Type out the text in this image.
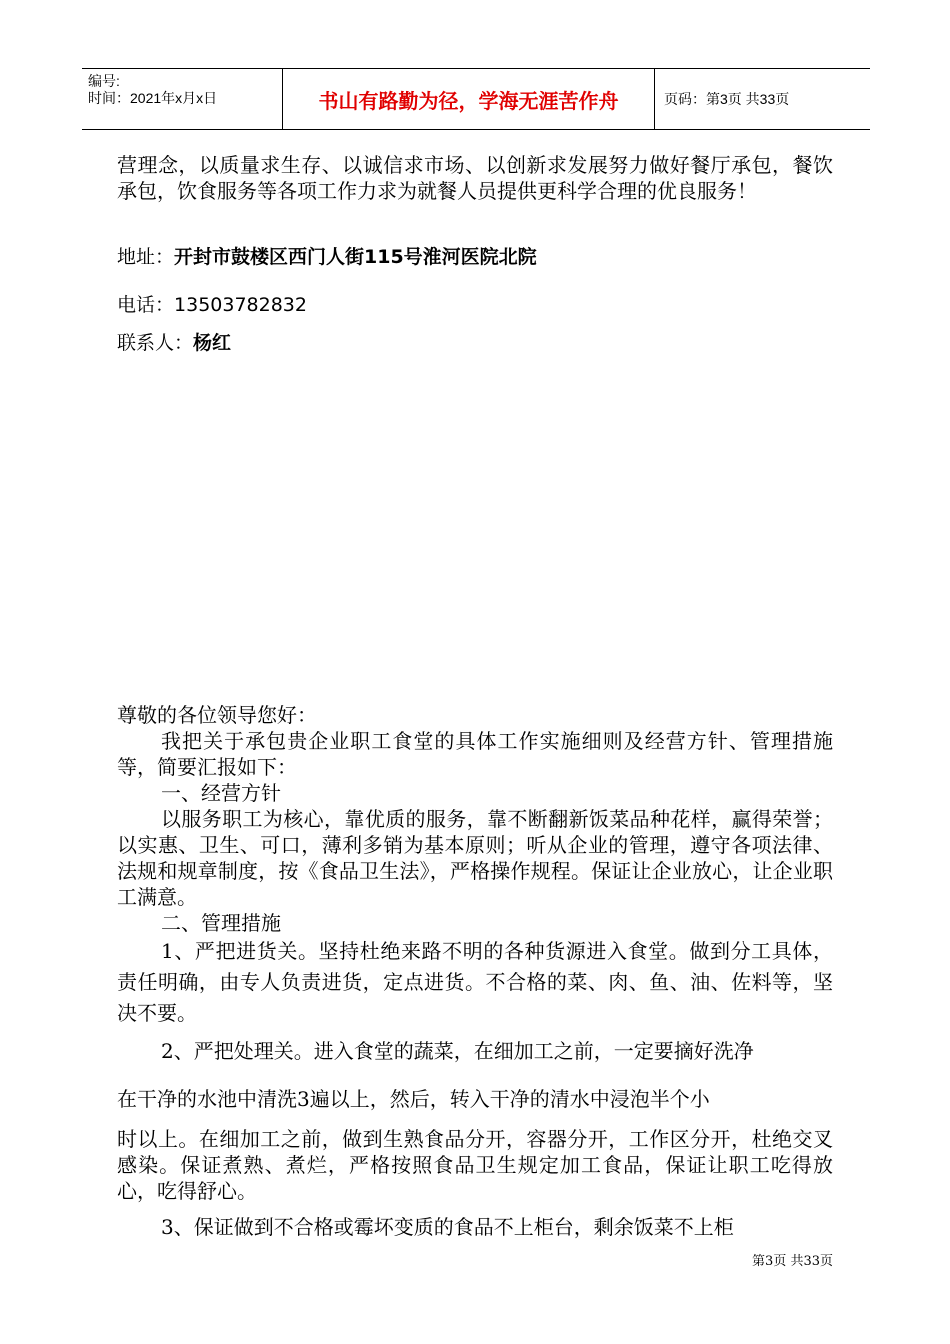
编号:
时间：2021年x月x日	书山有路勤为径，学海无涯苦作舟	页码：第3页 共33页
营理念，以质量求生存、以诚信求市场、以创新求发展努力做好餐厅承包，餐饮承包，饮食服务等各项工作力求为就餐人员提供更科学合理的优良服务！
地址：开封市鼓楼区西门人街115号淮河医院北院
电话：13503782832
联系人：杨红

尊敬的各位领导您好：

我把关于承包贵企业职工食堂的具体工作实施细则及经营方针、管理措施等，简要汇报如下：

一、经营方针

以服务职工为核心，靠优质的服务，靠不断翻新饭菜品种花样，赢得荣誉；以实惠、卫生、可口，薄利多销为基本原则；听从企业的管理，遵守各项法律、法规和规章制度，按《食品卫生法》，严格操作规程。保证让企业放心，让企业职工满意。

二、管理措施

1、严把进货关。坚持杜绝来路不明的各种货源进入食堂。做到分工具体，责任明确，由专人负责进货，定点进货。不合格的菜、肉、鱼、油、佐料等，坚决不要。

2、严把处理关。进入食堂的蔬菜，在细加工之前，一定要摘好洗净

在干净的水池中清洗3遍以上，然后，转入干净的清水中浸泡半个小

时以上。在细加工之前，做到生熟食品分开，容器分开，工作区分开，杜绝交叉感染。保证煮熟、煮烂，严格按照食品卫生规定加工食品，保证让职工吃得放心，吃得舒心。

3、保证做到不合格或霉坏变质的食品不上柜台，剩余饭菜不上柜

第3页 共33页
